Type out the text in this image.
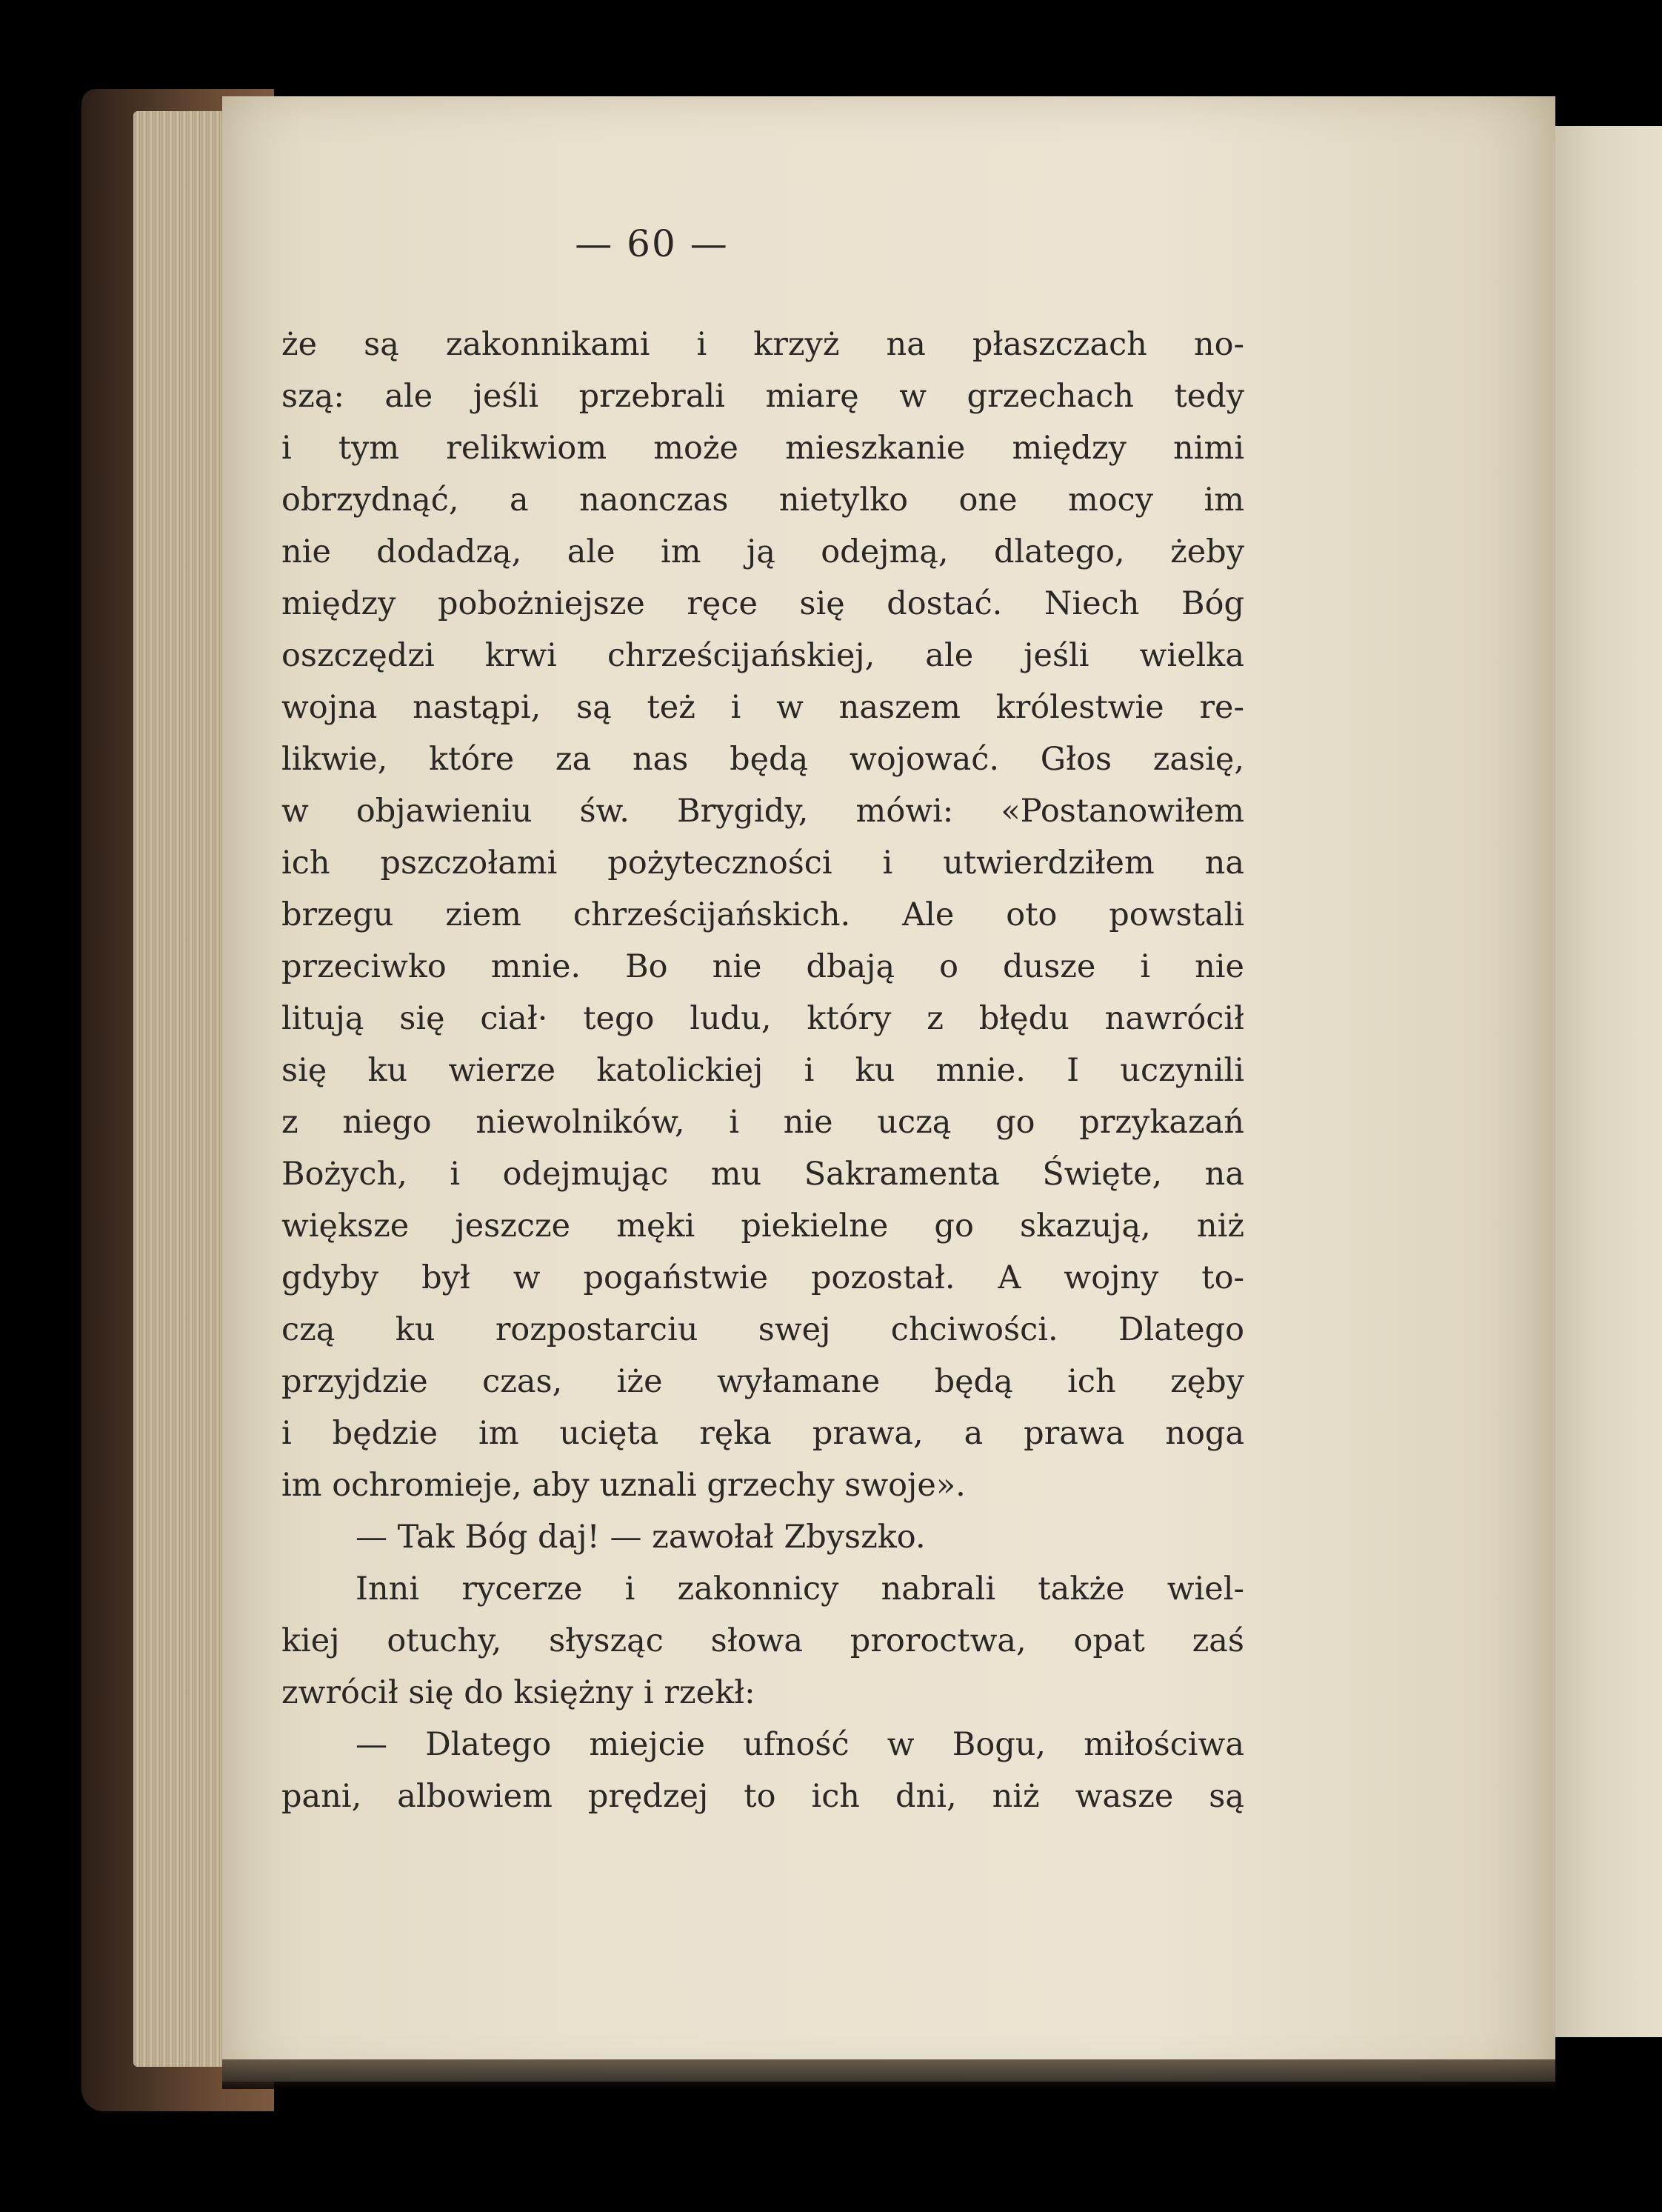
— 60 —
że są zakonnikami i krzyż na płaszczach no-
szą: ale jeśli przebrali miarę w grzechach tedy
i tym relikwiom może mieszkanie między nimi
obrzydnąć, a naonczas nietylko one mocy im
nie dodadzą, ale im ją odejmą, dlatego, żeby
między pobożniejsze ręce się dostać. Niech Bóg
oszczędzi krwi chrześcijańskiej, ale jeśli wielka
wojna nastąpi, są też i w naszem królestwie re-
likwie, które za nas będą wojować. Głos zasię,
w objawieniu św. Brygidy, mówi: «Postanowiłem
ich pszczołami pożyteczności i utwierdziłem na
brzegu ziem chrześcijańskich. Ale oto powstali
przeciwko mnie. Bo nie dbają o dusze i nie
litują się ciał· tego ludu, który z błędu nawrócił
się ku wierze katolickiej i ku mnie. I uczynili
z niego niewolników, i nie uczą go przykazań
Bożych, i odejmując mu Sakramenta Święte, na
większe jeszcze męki piekielne go skazują, niż
gdyby był w pogaństwie pozostał. A wojny to-
czą ku rozpostarciu swej chciwości. Dlatego
przyjdzie czas, iże wyłamane będą ich zęby
i będzie im ucięta ręka prawa, a prawa noga
im ochromieje, aby uznali grzechy swoje».
— Tak Bóg daj! — zawołał Zbyszko.
Inni rycerze i zakonnicy nabrali także wiel-
kiej otuchy, słysząc słowa proroctwa, opat zaś
zwrócił się do księżny i rzekł:
— Dlatego miejcie ufność w Bogu, miłościwa
pani, albowiem prędzej to ich dni, niż wasze są
